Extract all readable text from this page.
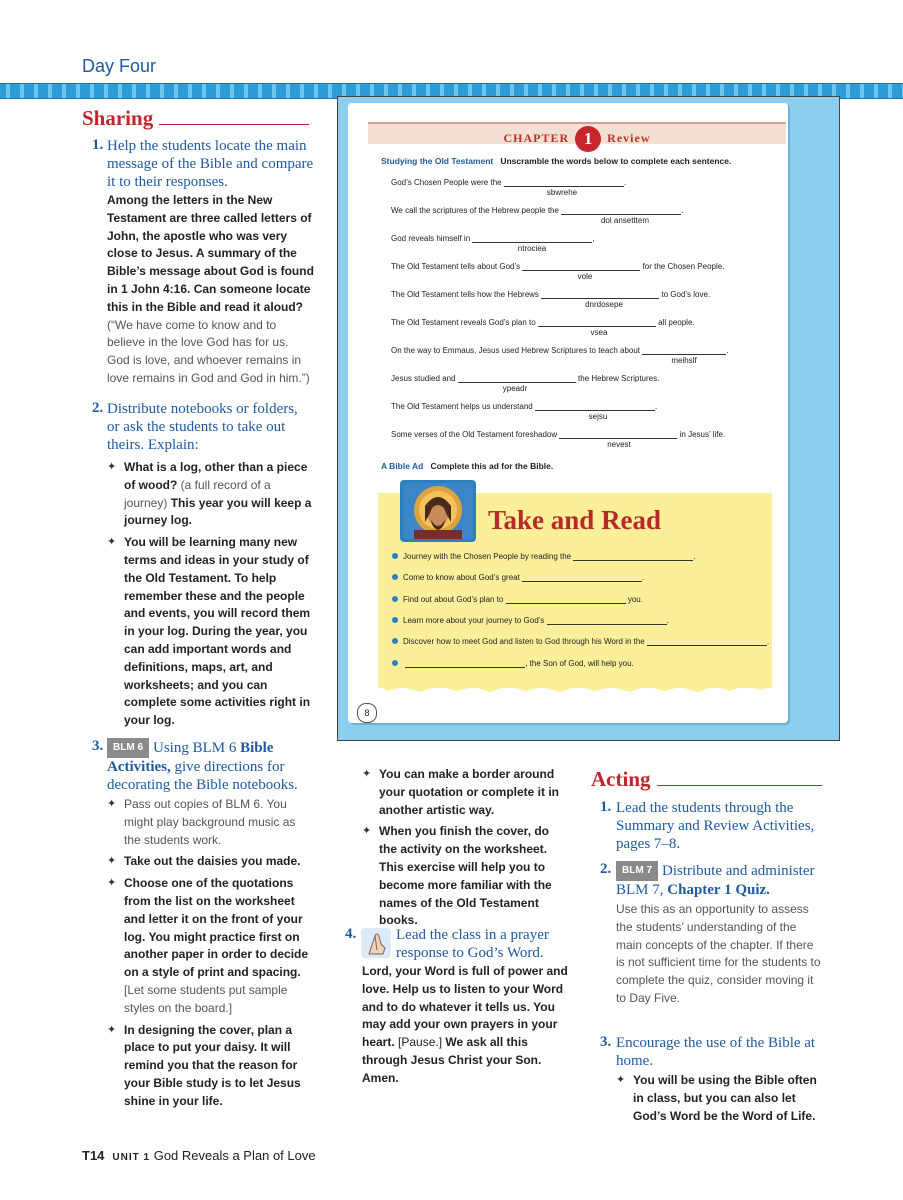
Day Four
Sharing
1. Help the students locate the main message of the Bible and compare it to their responses.
Among the letters in the New Testament are three called letters of John, the apostle who was very close to Jesus. A summary of the Bible’s message about God is found in 1 John 4:16. Can someone locate this in the Bible and read it aloud? (“We have come to know and to believe in the love God has for us. God is love, and whoever remains in love remains in God and God in him.”)
2. Distribute notebooks or folders, or ask the students to take out theirs. Explain:
✦ What is a log, other than a piece of wood? (a full record of a journey) This year you will keep a journey log.
✦ You will be learning many new terms and ideas in your study of the Old Testament. To help remember these and the people and events, you will record them in your log. During the year, you can add important words and definitions, maps, art, and worksheets; and you can complete some activities right in your log.
3. BLM 6 Using BLM 6 Bible Activities, give directions for decorating the Bible notebooks.
✦ Pass out copies of BLM 6. You might play background music as the students work.
✦ Take out the daisies you made.
✦ Choose one of the quotations from the list on the worksheet and letter it on the front of your log. You might practice first on another paper in order to decide on a style of print and spacing. [Let some students put sample styles on the board.]
✦ In designing the cover, plan a place to put your daisy. It will remind you that the reason for your Bible study is to let Jesus shine in your life.
CHAPTER 1 Review
Studying the Old Testament Unscramble the words below to complete each sentence.
God’s Chosen People were the	.
sbwrehe
We call the scriptures of the Hebrew people the	.
dol ansetttem
God reveals himself in	,
ntrociea
The Old Testament tells about God’s	for the Chosen People.
vole
The Old Testament tells how the Hebrews	to God’s love.
dnrdosepe
The Old Testament reveals God’s plan to	all people.
vsea
On the way to Emmaus, Jesus used Hebrew Scriptures to teach about	.
meihslf
Jesus studied and	the Hebrew Scriptures.
ypeadr
The Old Testament helps us understand	.
sejsu
Some verses of the Old Testament foreshadow	in Jesus’ life.
nevest
A Bible Ad Complete this ad for the Bible.
Take and Read
Journey with the Chosen People by reading the	.
Come to know about God’s great	.
Find out about God’s plan to	you.
Learn more about your journey to God’s	.
Discover how to meet God and listen to God through his Word in the	.
, the Son of God, will help you.
8
✦ You can make a border around your quotation or complete it in another artistic way.
✦ When you finish the cover, do the activity on the worksheet. This exercise will help you to become more familiar with the names of the Old Testament books.
4.	Lead the class in a prayer response to God’s Word.
Lord, your Word is full of power and love. Help us to listen to your Word and to do whatever it tells us. You may add your own prayers in your heart. [Pause.] We ask all this through Jesus Christ your Son. Amen.
Acting
1. Lead the students through the Summary and Review Activities, pages 7–8.
2.	BLM 7 Distribute and administer BLM 7, Chapter 1 Quiz.
Use this as an opportunity to assess the students’ understanding of the main concepts of the chapter. If there is not sufficient time for the students to complete the quiz, consider moving it to Day Five.
3. Encourage the use of the Bible at home.
✦ You will be using the Bible often in class, but you can also let God’s Word be the Word of Life.
T14 UNIT 1 God Reveals a Plan of Love
